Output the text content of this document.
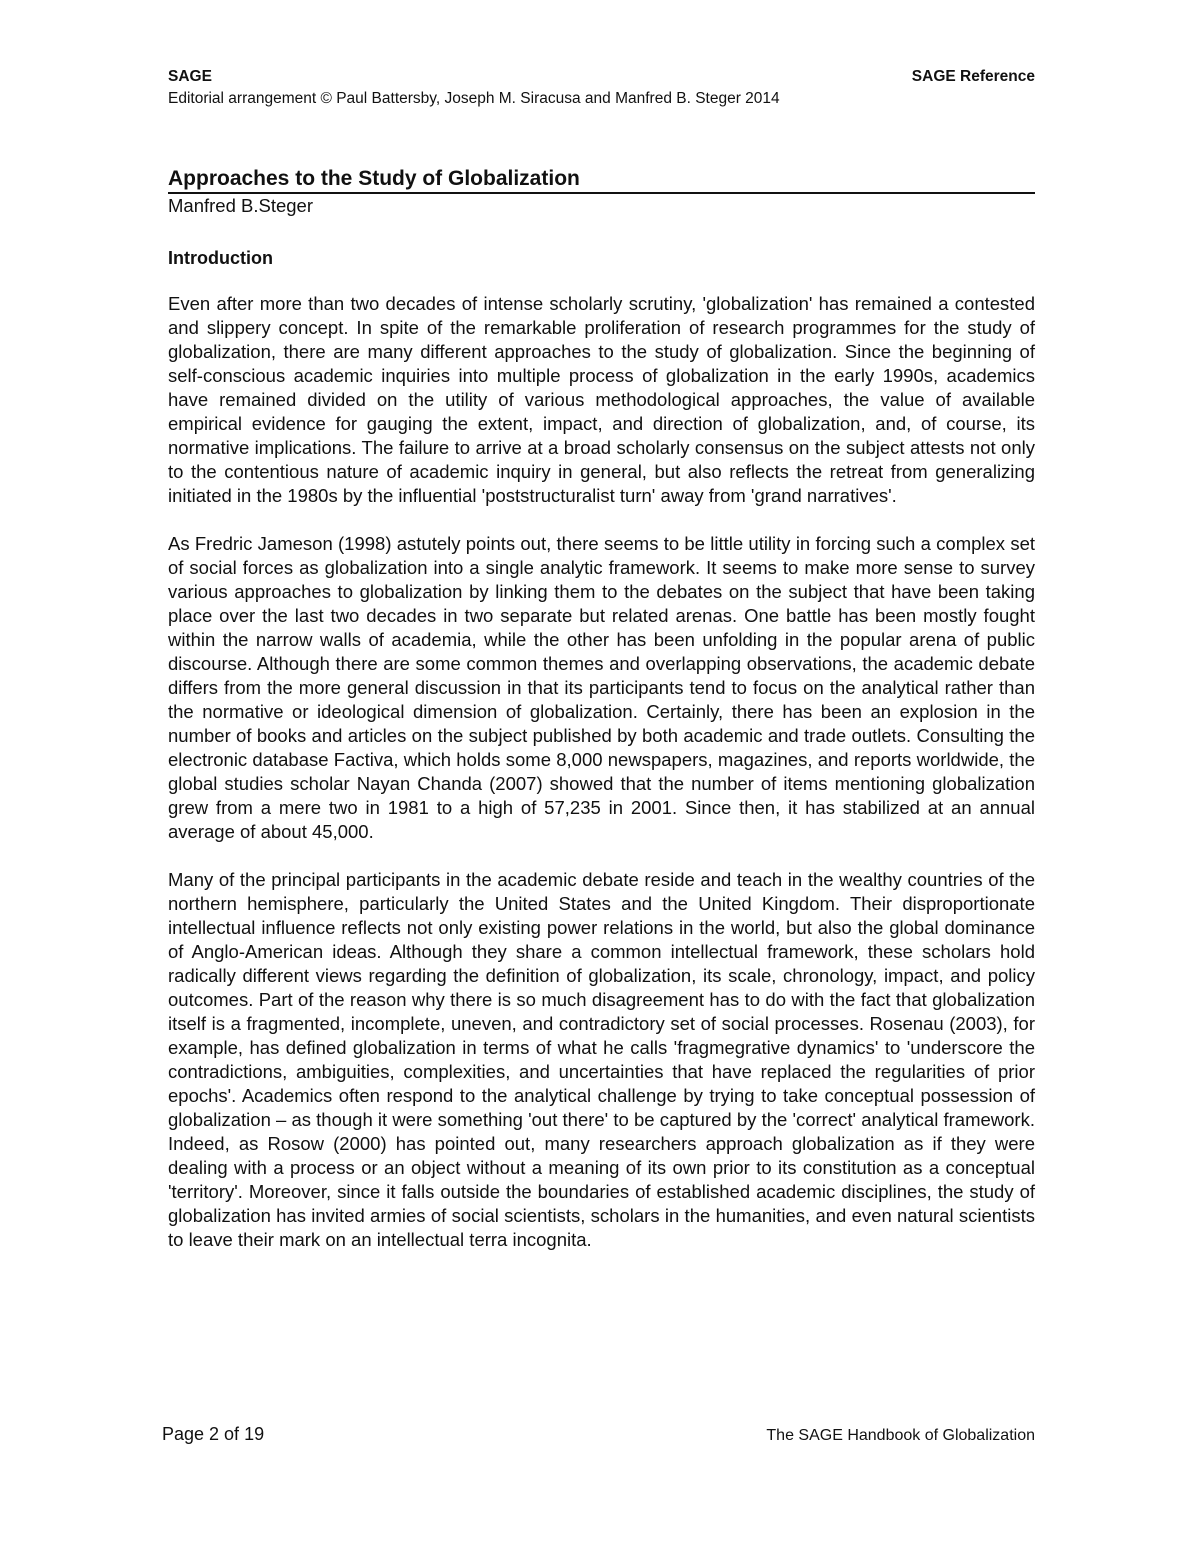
SAGE	SAGE Reference
Editorial arrangement © Paul Battersby, Joseph M. Siracusa and Manfred B. Steger 2014
Approaches to the Study of Globalization
Manfred B.Steger
Introduction

Even after more than two decades of intense scholarly scrutiny, 'globalization' has remained a contested and slippery concept. In spite of the remarkable proliferation of research programmes for the study of globalization, there are many different approaches to the study of globalization. Since the beginning of self-conscious academic inquiries into multiple process of globalization in the early 1990s, academics have remained divided on the utility of various methodological approaches, the value of available empirical evidence for gauging the extent, impact, and direction of globalization, and, of course, its normative implications. The failure to arrive at a broad scholarly consensus on the subject attests not only to the contentious nature of academic inquiry in general, but also reflects the retreat from generalizing initiated in the 1980s by the influential 'poststructuralist turn' away from 'grand narratives'.

As Fredric Jameson (1998) astutely points out, there seems to be little utility in forcing such a complex set of social forces as globalization into a single analytic framework. It seems to make more sense to survey various approaches to globalization by linking them to the debates on the subject that have been taking place over the last two decades in two separate but related arenas. One battle has been mostly fought within the narrow walls of academia, while the other has been unfolding in the popular arena of public discourse. Although there are some common themes and overlapping observations, the academic debate differs from the more general discussion in that its participants tend to focus on the analytical rather than the normative or ideological dimension of globalization. Certainly, there has been an explosion in the number of books and articles on the subject published by both academic and trade outlets. Consulting the electronic database Factiva, which holds some 8,000 newspapers, magazines, and reports worldwide, the global studies scholar Nayan Chanda (2007) showed that the number of items mentioning globalization grew from a mere two in 1981 to a high of 57,235 in 2001. Since then, it has stabilized at an annual average of about 45,000.

Many of the principal participants in the academic debate reside and teach in the wealthy countries of the northern hemisphere, particularly the United States and the United Kingdom. Their disproportionate intellectual influence reflects not only existing power relations in the world, but also the global dominance of Anglo-American ideas. Although they share a common intellectual framework, these scholars hold radically different views regarding the definition of globalization, its scale, chronology, impact, and policy outcomes. Part of the reason why there is so much disagreement has to do with the fact that globalization itself is a fragmented, incomplete, uneven, and contradictory set of social processes. Rosenau (2003), for example, has defined globalization in terms of what he calls 'fragmegrative dynamics' to 'underscore the contradictions, ambiguities, complexities, and uncertainties that have replaced the regularities of prior epochs'. Academics often respond to the analytical challenge by trying to take conceptual possession of globalization – as though it were something 'out there' to be captured by the 'correct' analytical framework. Indeed, as Rosow (2000) has pointed out, many researchers approach globalization as if they were dealing with a process or an object without a meaning of its own prior to its constitution as a conceptual 'territory'. Moreover, since it falls outside the boundaries of established academic disciplines, the study of globalization has invited armies of social scientists, scholars in the humanities, and even natural scientists to leave their mark on an intellectual terra incognita.

Page 2 of 19	The SAGE Handbook of Globalization
